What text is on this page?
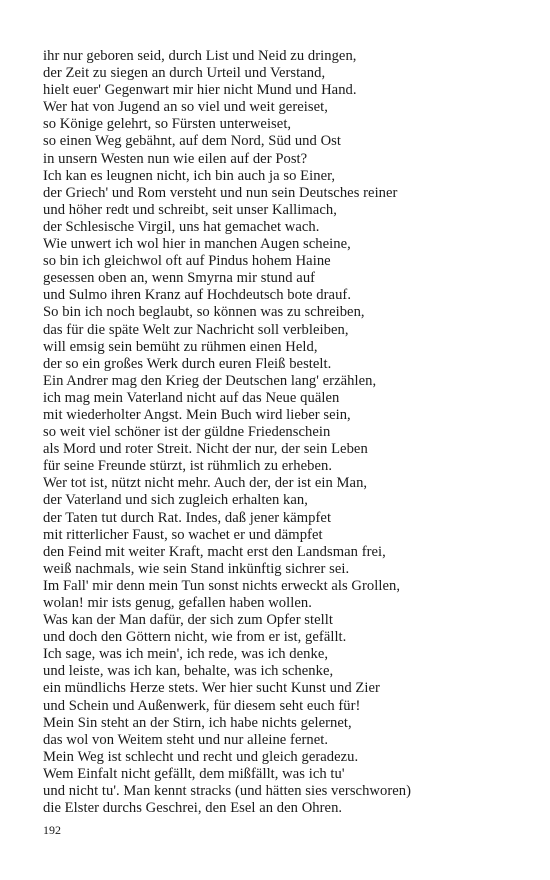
ihr nur geboren seid, durch List und Neid zu dringen,
der Zeit zu siegen an durch Urteil und Verstand,
hielt euer' Gegenwart mir hier nicht Mund und Hand.
Wer hat von Jugend an so viel und weit gereiset,
so Könige gelehrt, so Fürsten unterweiset,
so einen Weg gebähnt, auf dem Nord, Süd und Ost
in unsern Westen nun wie eilen auf der Post?
Ich kan es leugnen nicht, ich bin auch ja so Einer,
der Griech' und Rom versteht und nun sein Deutsches reiner
und höher redt und schreibt, seit unser Kallimach,
der Schlesische Virgil, uns hat gemachet wach.
Wie unwert ich wol hier in manchen Augen scheine,
so bin ich gleichwol oft auf Pindus hohem Haine
gesessen oben an, wenn Smyrna mir stund auf
und Sulmo ihren Kranz auf Hochdeutsch bote drauf.
So bin ich noch beglaubt, so können was zu schreiben,
das für die späte Welt zur Nachricht soll verbleiben,
will emsig sein bemüht zu rühmen einen Held,
der so ein großes Werk durch euren Fleiß bestelt.
Ein Andrer mag den Krieg der Deutschen lang' erzählen,
ich mag mein Vaterland nicht auf das Neue quälen
mit wiederholter Angst. Mein Buch wird lieber sein,
so weit viel schöner ist der güldne Friedenschein
als Mord und roter Streit. Nicht der nur, der sein Leben
für seine Freunde stürzt, ist rühmlich zu erheben.
Wer tot ist, nützt nicht mehr. Auch der, der ist ein Man,
der Vaterland und sich zugleich erhalten kan,
der Taten tut durch Rat. Indes, daß jener kämpfet
mit ritterlicher Faust, so wachet er und dämpfet
den Feind mit weiter Kraft, macht erst den Landsman frei,
weiß nachmals, wie sein Stand inkünftig sichrer sei.
Im Fall' mir denn mein Tun sonst nichts erweckt als Grollen,
wolan! mir ists genug, gefallen haben wollen.
Was kan der Man dafür, der sich zum Opfer stellt
und doch den Göttern nicht, wie from er ist, gefällt.
Ich sage, was ich mein', ich rede, was ich denke,
und leiste, was ich kan, behalte, was ich schenke,
ein mündlichs Herze stets. Wer hier sucht Kunst und Zier
und Schein und Außenwerk, für diesem seht euch für!
Mein Sin steht an der Stirn, ich habe nichts gelernet,
das wol von Weitem steht und nur alleine fernet.
Mein Weg ist schlecht und recht und gleich geradezu.
Wem Einfalt nicht gefällt, dem mißfällt, was ich tu'
und nicht tu'. Man kennt stracks (und hätten sies verschworen)
die Elster durchs Geschrei, den Esel an den Ohren.
192
